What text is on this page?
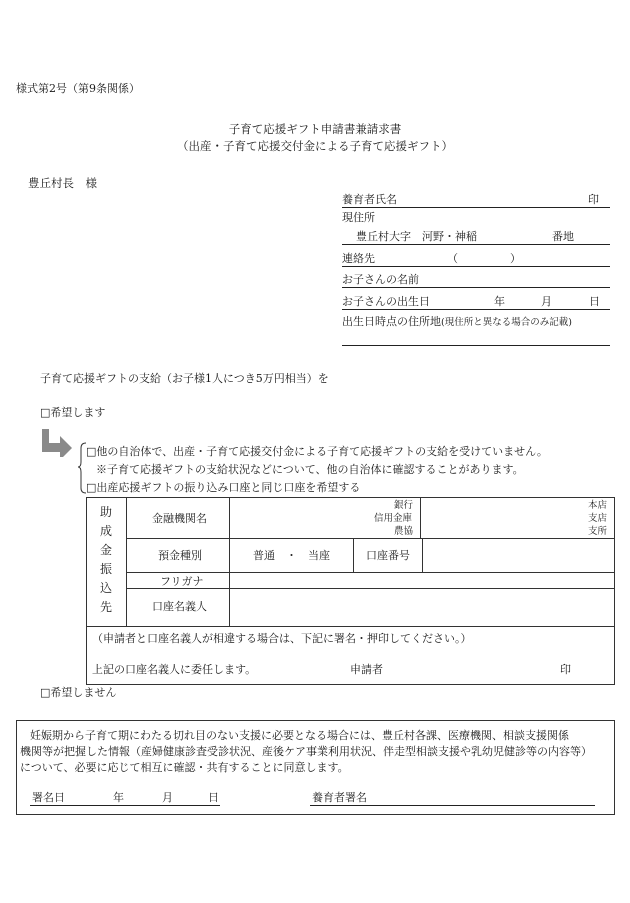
様式第2号（第9条関係）
子育て応援ギフト申請書兼請求書
（出産・子育て応援交付金による子育て応援ギフト）
豊丘村長　様
養育者氏名	印
現住所
豊丘村大字　河野・神稲	番地
連絡先	（	）
お子さんの名前
お子さんの出生日	年	月	日
出生日時点の住所地(現住所と異なる場合のみ記載)
子育て応援ギフトの支給（お子様1人につき5万円相当）を
□希望します
□他の自治体で、出産・子育て応援交付金による子育て応援ギフトの支給を受けていません。
※子育て応援ギフトの支給状況などについて、他の自治体に確認することがあります。
□出産応援ギフトの振り込み口座と同じ口座を希望する
助
成
金
振
込
先
金融機関名
銀行
信用金庫
農協
本店
支店
支所
預金種別	普通　・　当座	口座番号
フリガナ
口座名義人
（申請者と口座名義人が相違する場合は、下記に署名・押印してください。）
上記の口座名義人に委任します。	申請者	印
□希望しません
妊娠期から子育て期にわたる切れ目のない支援に必要となる場合には、豊丘村各課、医療機関、相談支援関係
機関等が把握した情報（産婦健康診査受診状況、産後ケア事業利用状況、伴走型相談支援や乳幼児健診等の内容等）
について、必要に応じて相互に確認・共有することに同意します。
署名日	年	月	日	養育者署名
